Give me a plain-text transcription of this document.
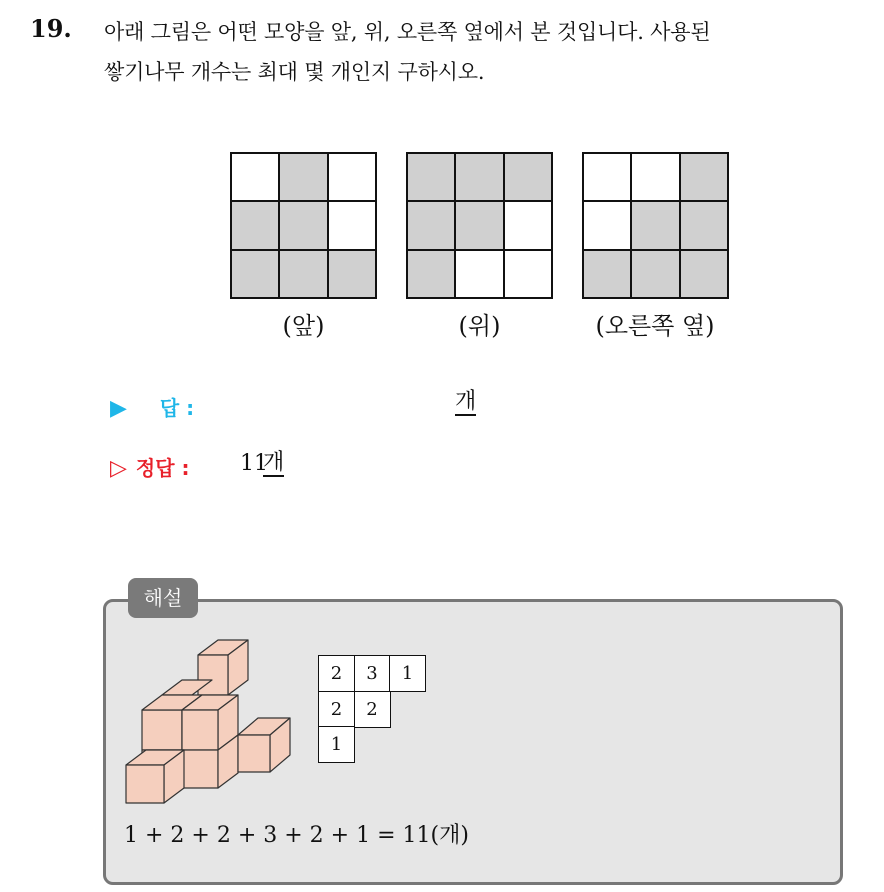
19. 아래 그림은 어떤 모양을 앞, 위, 오른쪽 옆에서 본 것입니다. 사용된
쌓기나무 개수는 최대 몇 개인지 구하시오.
(앞)	(위)	(오른쪽 옆)
▶ 답 :	개
▷ 정답 : 11
개
해설
2	3	1
2	2
1
1 + 2 + 2 + 3 + 2 + 1 = 11(개)
